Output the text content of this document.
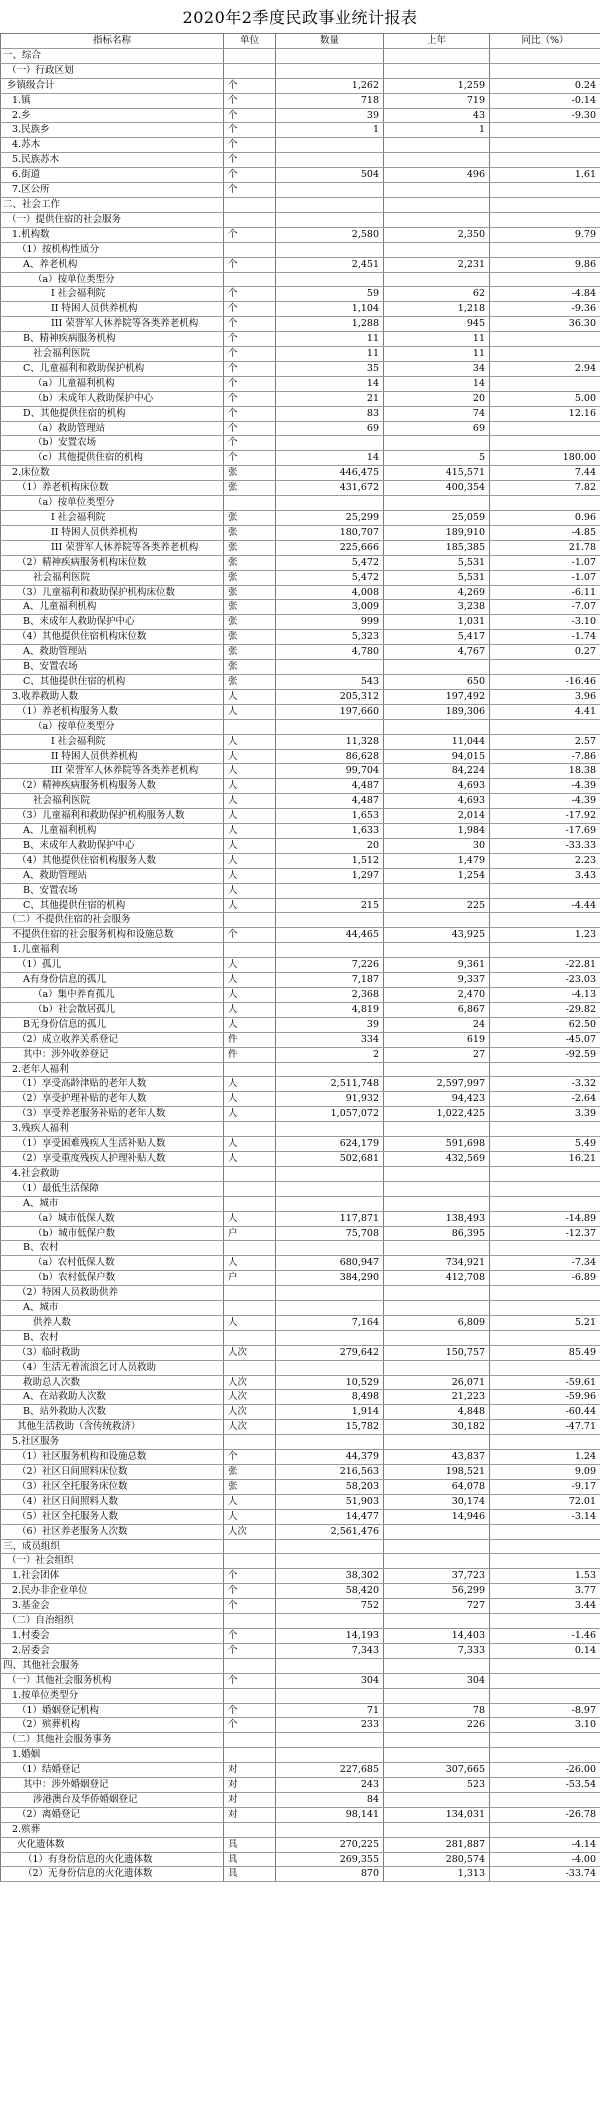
2020年2季度民政事业统计报表
指标名称	单位	数量	上年	同比（%）
一、综合				
（一）行政区划				
乡镇级合计	个	1,262	1,259	0.24
1.镇	个	718	719	-0.14
2.乡	个	39	43	-9.30
3.民族乡	个	1	1	
4.苏木	个			
5.民族苏木	个			
6.街道	个	504	496	1.61
7.区公所	个			
二、社会工作				
（一）提供住宿的社会服务				
1.机构数	个	2,580	2,350	9.79
（1）按机构性质分				
A、养老机构	个	2,451	2,231	9.86
（a）按单位类型分				
I 社会福利院	个	59	62	-4.84
II 特困人员供养机构	个	1,104	1,218	-9.36
III 荣誉军人休养院等各类养老机构	个	1,288	945	36.30
B、精神疾病服务机构	个	11	11	
社会福利医院	个	11	11	
C、儿童福利和救助保护机构	个	35	34	2.94
（a）儿童福利机构	个	14	14	
（b）未成年人救助保护中心	个	21	20	5.00
D、其他提供住宿的机构	个	83	74	12.16
（a）救助管理站	个	69	69	
（b）安置农场	个			
（c）其他提供住宿的机构	个	14	5	180.00
2.床位数	张	446,475	415,571	7.44
（1）养老机构床位数	张	431,672	400,354	7.82
（a）按单位类型分				
I 社会福利院	张	25,299	25,059	0.96
II 特困人员供养机构	张	180,707	189,910	-4.85
III 荣誉军人休养院等各类养老机构	张	225,666	185,385	21.78
（2）精神疾病服务机构床位数	张	5,472	5,531	-1.07
社会福利医院	张	5,472	5,531	-1.07
（3）儿童福利和救助保护机构床位数	张	4,008	4,269	-6.11
A、儿童福利机构	张	3,009	3,238	-7.07
B、未成年人救助保护中心	张	999	1,031	-3.10
（4）其他提供住宿机构床位数	张	5,323	5,417	-1.74
A、救助管理站	张	4,780	4,767	0.27
B、安置农场	张			
C、其他提供住宿的机构	张	543	650	-16.46
3.收养救助人数	人	205,312	197,492	3.96
（1）养老机构服务人数	人	197,660	189,306	4.41
（a）按单位类型分				
I 社会福利院	人	11,328	11,044	2.57
II 特困人员供养机构	人	86,628	94,015	-7.86
III 荣誉军人休养院等各类养老机构	人	99,704	84,224	18.38
（2）精神疾病服务机构服务人数	人	4,487	4,693	-4.39
社会福利医院	人	4,487	4,693	-4.39
（3）儿童福利和救助保护机构服务人数	人	1,653	2,014	-17.92
A、儿童福利机构	人	1,633	1,984	-17.69
B、未成年人救助保护中心	人	20	30	-33.33
（4）其他提供住宿机构服务人数	人	1,512	1,479	2.23
A、救助管理站	人	1,297	1,254	3.43
B、安置农场	人			
C、其他提供住宿的机构	人	215	225	-4.44
（二）不提供住宿的社会服务				
不提供住宿的社会服务机构和设施总数	个	44,465	43,925	1.23
1.儿童福利				
（1）孤儿	人	7,226	9,361	-22.81
A有身份信息的孤儿	人	7,187	9,337	-23.03
（a）集中养育孤儿	人	2,368	2,470	-4.13
（b）社会散居孤儿	人	4,819	6,867	-29.82
B无身份信息的孤儿	人	39	24	62.50
（2）成立收养关系登记	件	334	619	-45.07
其中：涉外收养登记	件	2	27	-92.59
2.老年人福利				
（1）享受高龄津贴的老年人数	人	2,511,748	2,597,997	-3.32
（2）享受护理补贴的老年人数	人	91,932	94,423	-2.64
（3）享受养老服务补贴的老年人数	人	1,057,072	1,022,425	3.39
3.残疾人福利				
（1）享受困难残疾人生活补贴人数	人	624,179	591,698	5.49
（2）享受重度残疾人护理补贴人数	人	502,681	432,569	16.21
4.社会救助				
（1）最低生活保障				
A、城市				
（a）城市低保人数	人	117,871	138,493	-14.89
（b）城市低保户数	户	75,708	86,395	-12.37
B、农村				
（a）农村低保人数	人	680,947	734,921	-7.34
（b）农村低保户数	户	384,290	412,708	-6.89
（2）特困人员救助供养				
A、城市				
供养人数	人	7,164	6,809	5.21
B、农村				
（3）临时救助	人次	279,642	150,757	85.49
（4）生活无着流浪乞讨人员救助				
救助总人次数	人次	10,529	26,071	-59.61
A、在站救助人次数	人次	8,498	21,223	-59.96
B、站外救助人次数	人次	1,914	4,848	-60.44
其他生活救助（含传统救济）	人次	15,782	30,182	-47.71
5.社区服务				
（1）社区服务机构和设施总数	个	44,379	43,837	1.24
（2）社区日间照料床位数	张	216,563	198,521	9.09
（3）社区全托服务床位数	张	58,203	64,078	-9.17
（4）社区日间照料人数	人	51,903	30,174	72.01
（5）社区全托服务人数	人	14,477	14,946	-3.14
（6）社区养老服务人次数	人次	2,561,476		
三、成员组织				
（一）社会组织				
1.社会团体	个	38,302	37,723	1.53
2.民办非企业单位	个	58,420	56,299	3.77
3.基金会	个	752	727	3.44
（二）自治组织				
1.村委会	个	14,193	14,403	-1.46
2.居委会	个	7,343	7,333	0.14
四、其他社会服务				
（一）其他社会服务机构	个	304	304	
1.按单位类型分				
（1）婚姻登记机构	个	71	78	-8.97
（2）殡葬机构	个	233	226	3.10
（二）其他社会服务事务				
1.婚姻				
（1）结婚登记	对	227,685	307,665	-26.00
其中：涉外婚姻登记	对	243	523	-53.54
涉港澳台及华侨婚姻登记	对	84		
（2）离婚登记	对	98,141	134,031	-26.78
2.殡葬				
火化遗体数	具	270,225	281,887	-4.14
（1）有身份信息的火化遗体数	具	269,355	280,574	-4.00
（2）无身份信息的火化遗体数	具	870	1,313	-33.74
